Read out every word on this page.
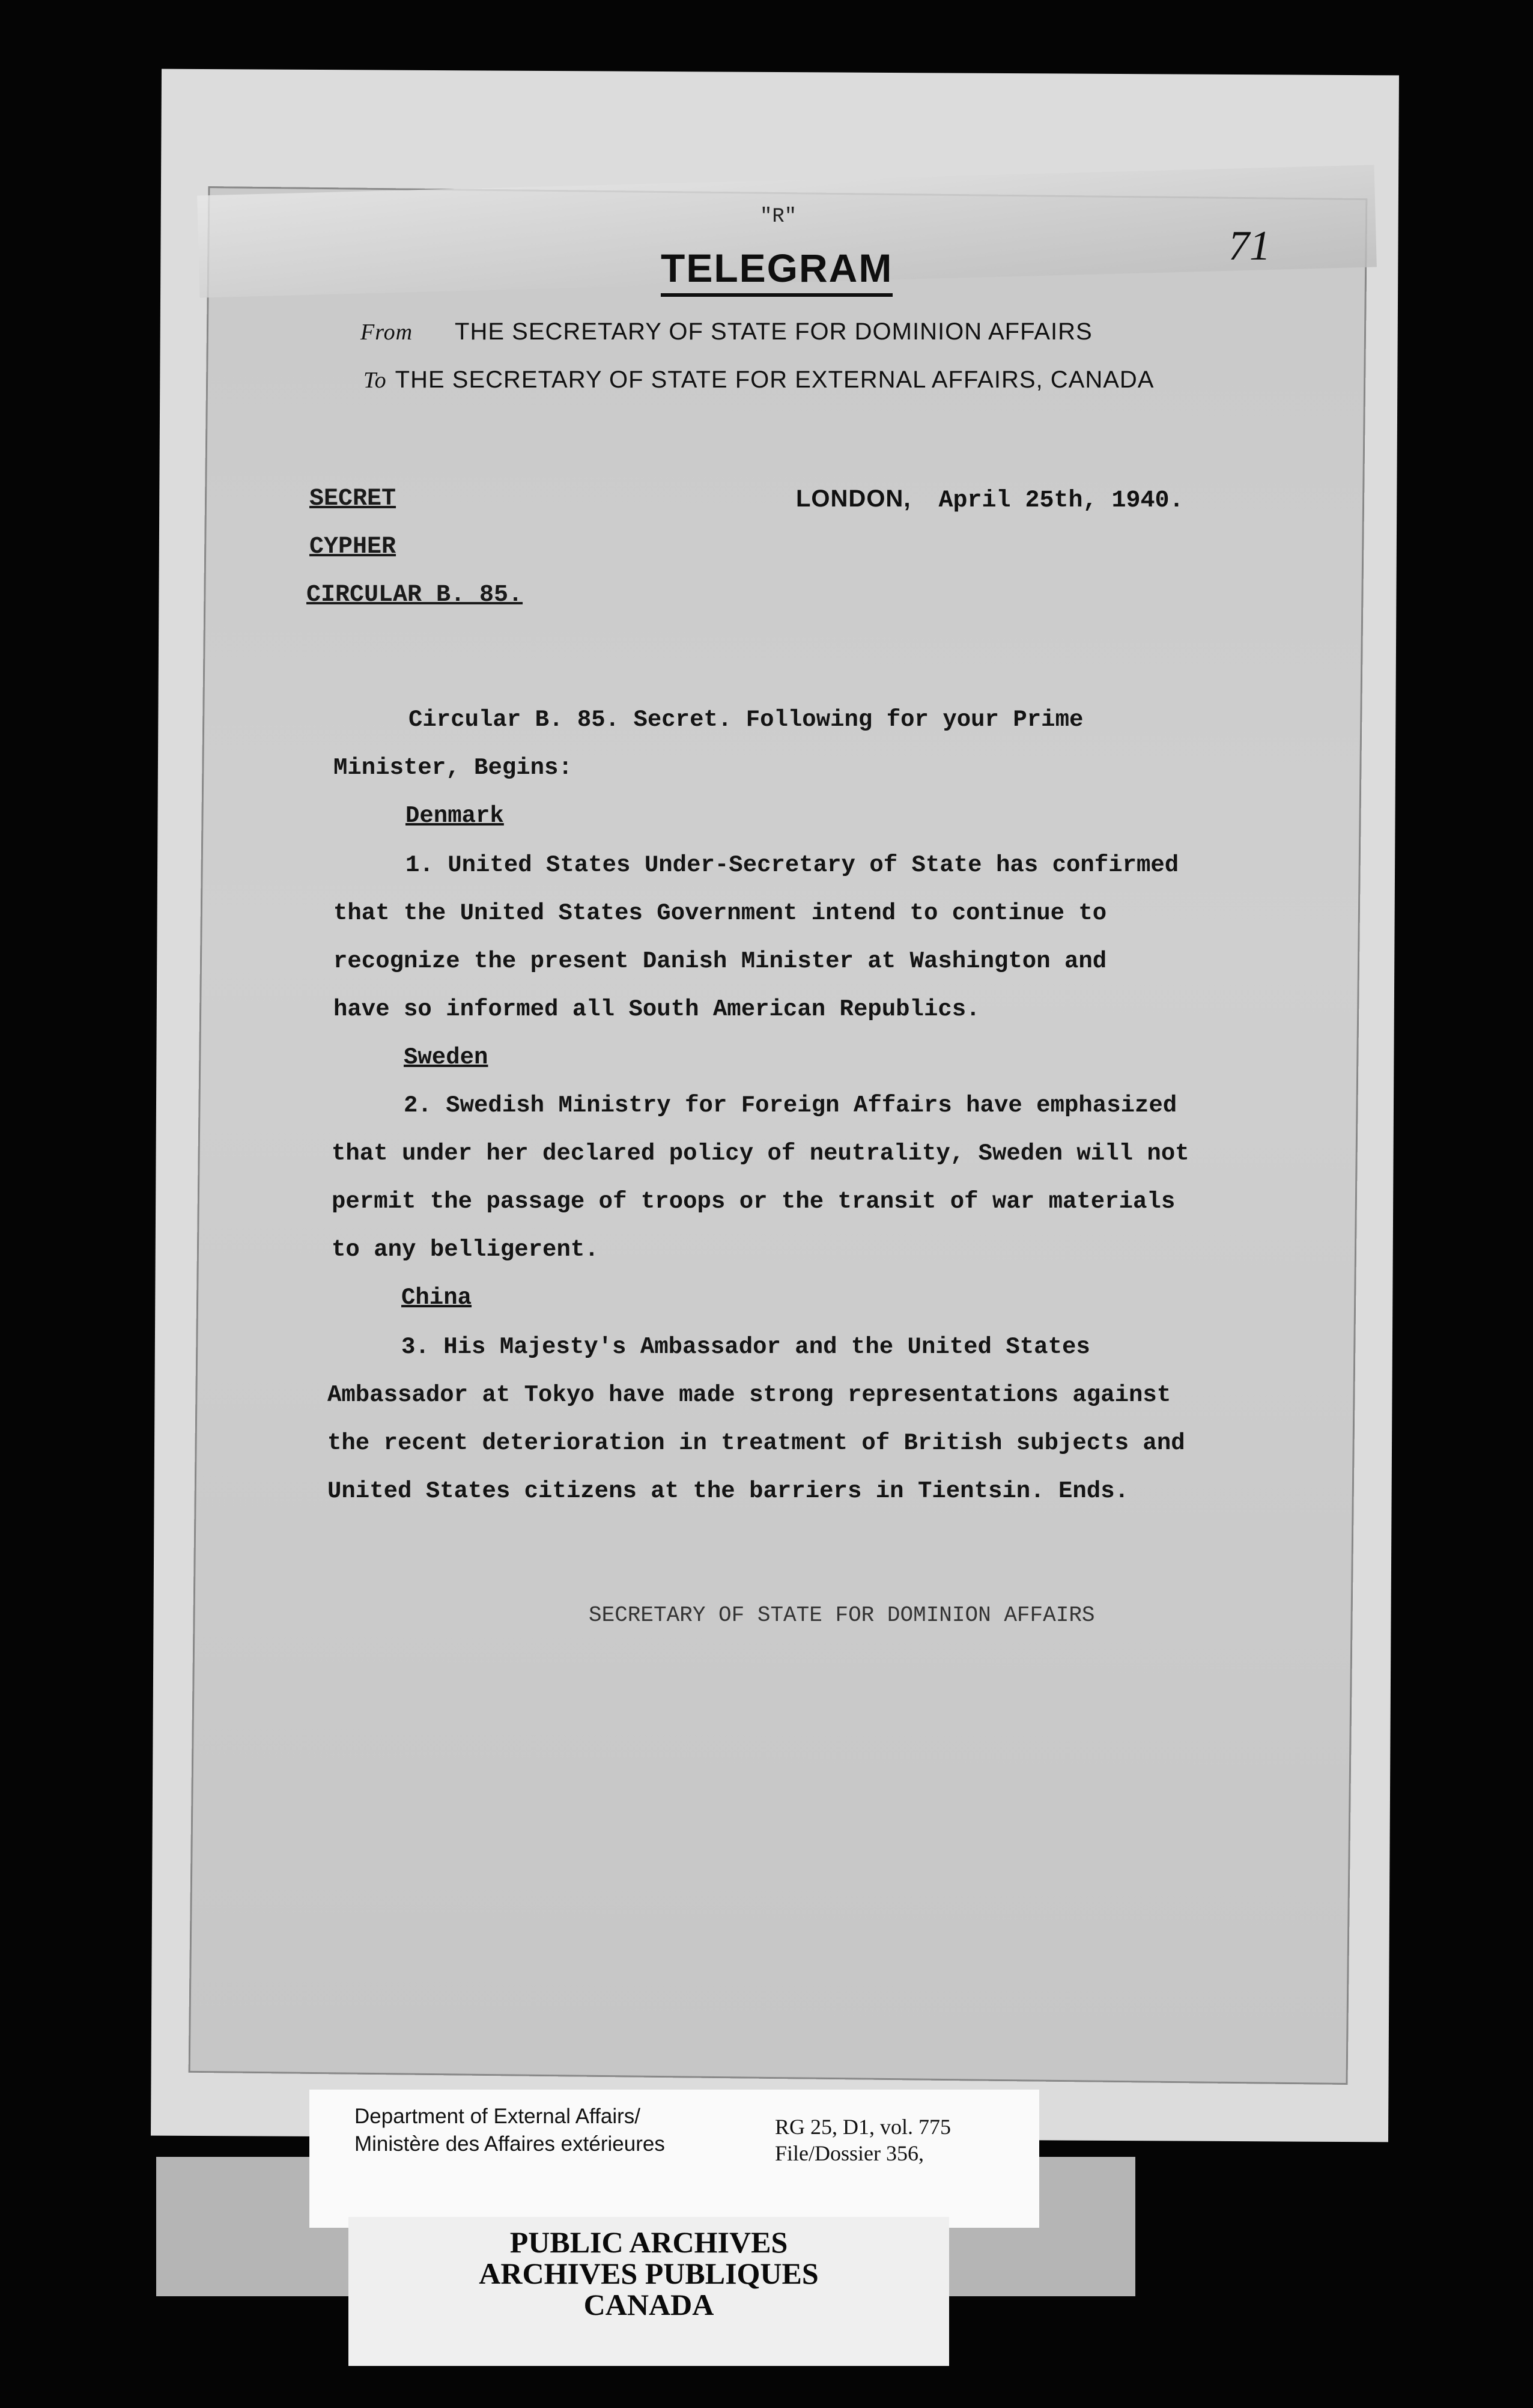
"R"
71
TELEGRAM
From THE SECRETARY OF STATE FOR DOMINION AFFAIRS
To THE SECRETARY OF STATE FOR EXTERNAL AFFAIRS, CANADA
SECRET
CYPHER
CIRCULAR B. 85.
LONDON, April 25th, 1940.
Circular B. 85. Secret. Following for your Prime
Minister, Begins:
Denmark
1. United States Under-Secretary of State has confirmed
that the United States Government intend to continue to
recognize the present Danish Minister at Washington and
have so informed all South American Republics.
Sweden
2. Swedish Ministry for Foreign Affairs have emphasized
that under her declared policy of neutrality, Sweden will not
permit the passage of troops or the transit of war materials
to any belligerent.
China
3. His Majesty's Ambassador and the United States
Ambassador at Tokyo have made strong representations against
the recent deterioration in treatment of British subjects and
United States citizens at the barriers in Tientsin. Ends.
SECRETARY OF STATE FOR DOMINION AFFAIRS
Department of External Affairs/
Ministère des Affaires extérieures
RG 25, D1, vol. 775
File/Dossier 356,
PUBLIC ARCHIVES
ARCHIVES PUBLIQUES
CANADA
